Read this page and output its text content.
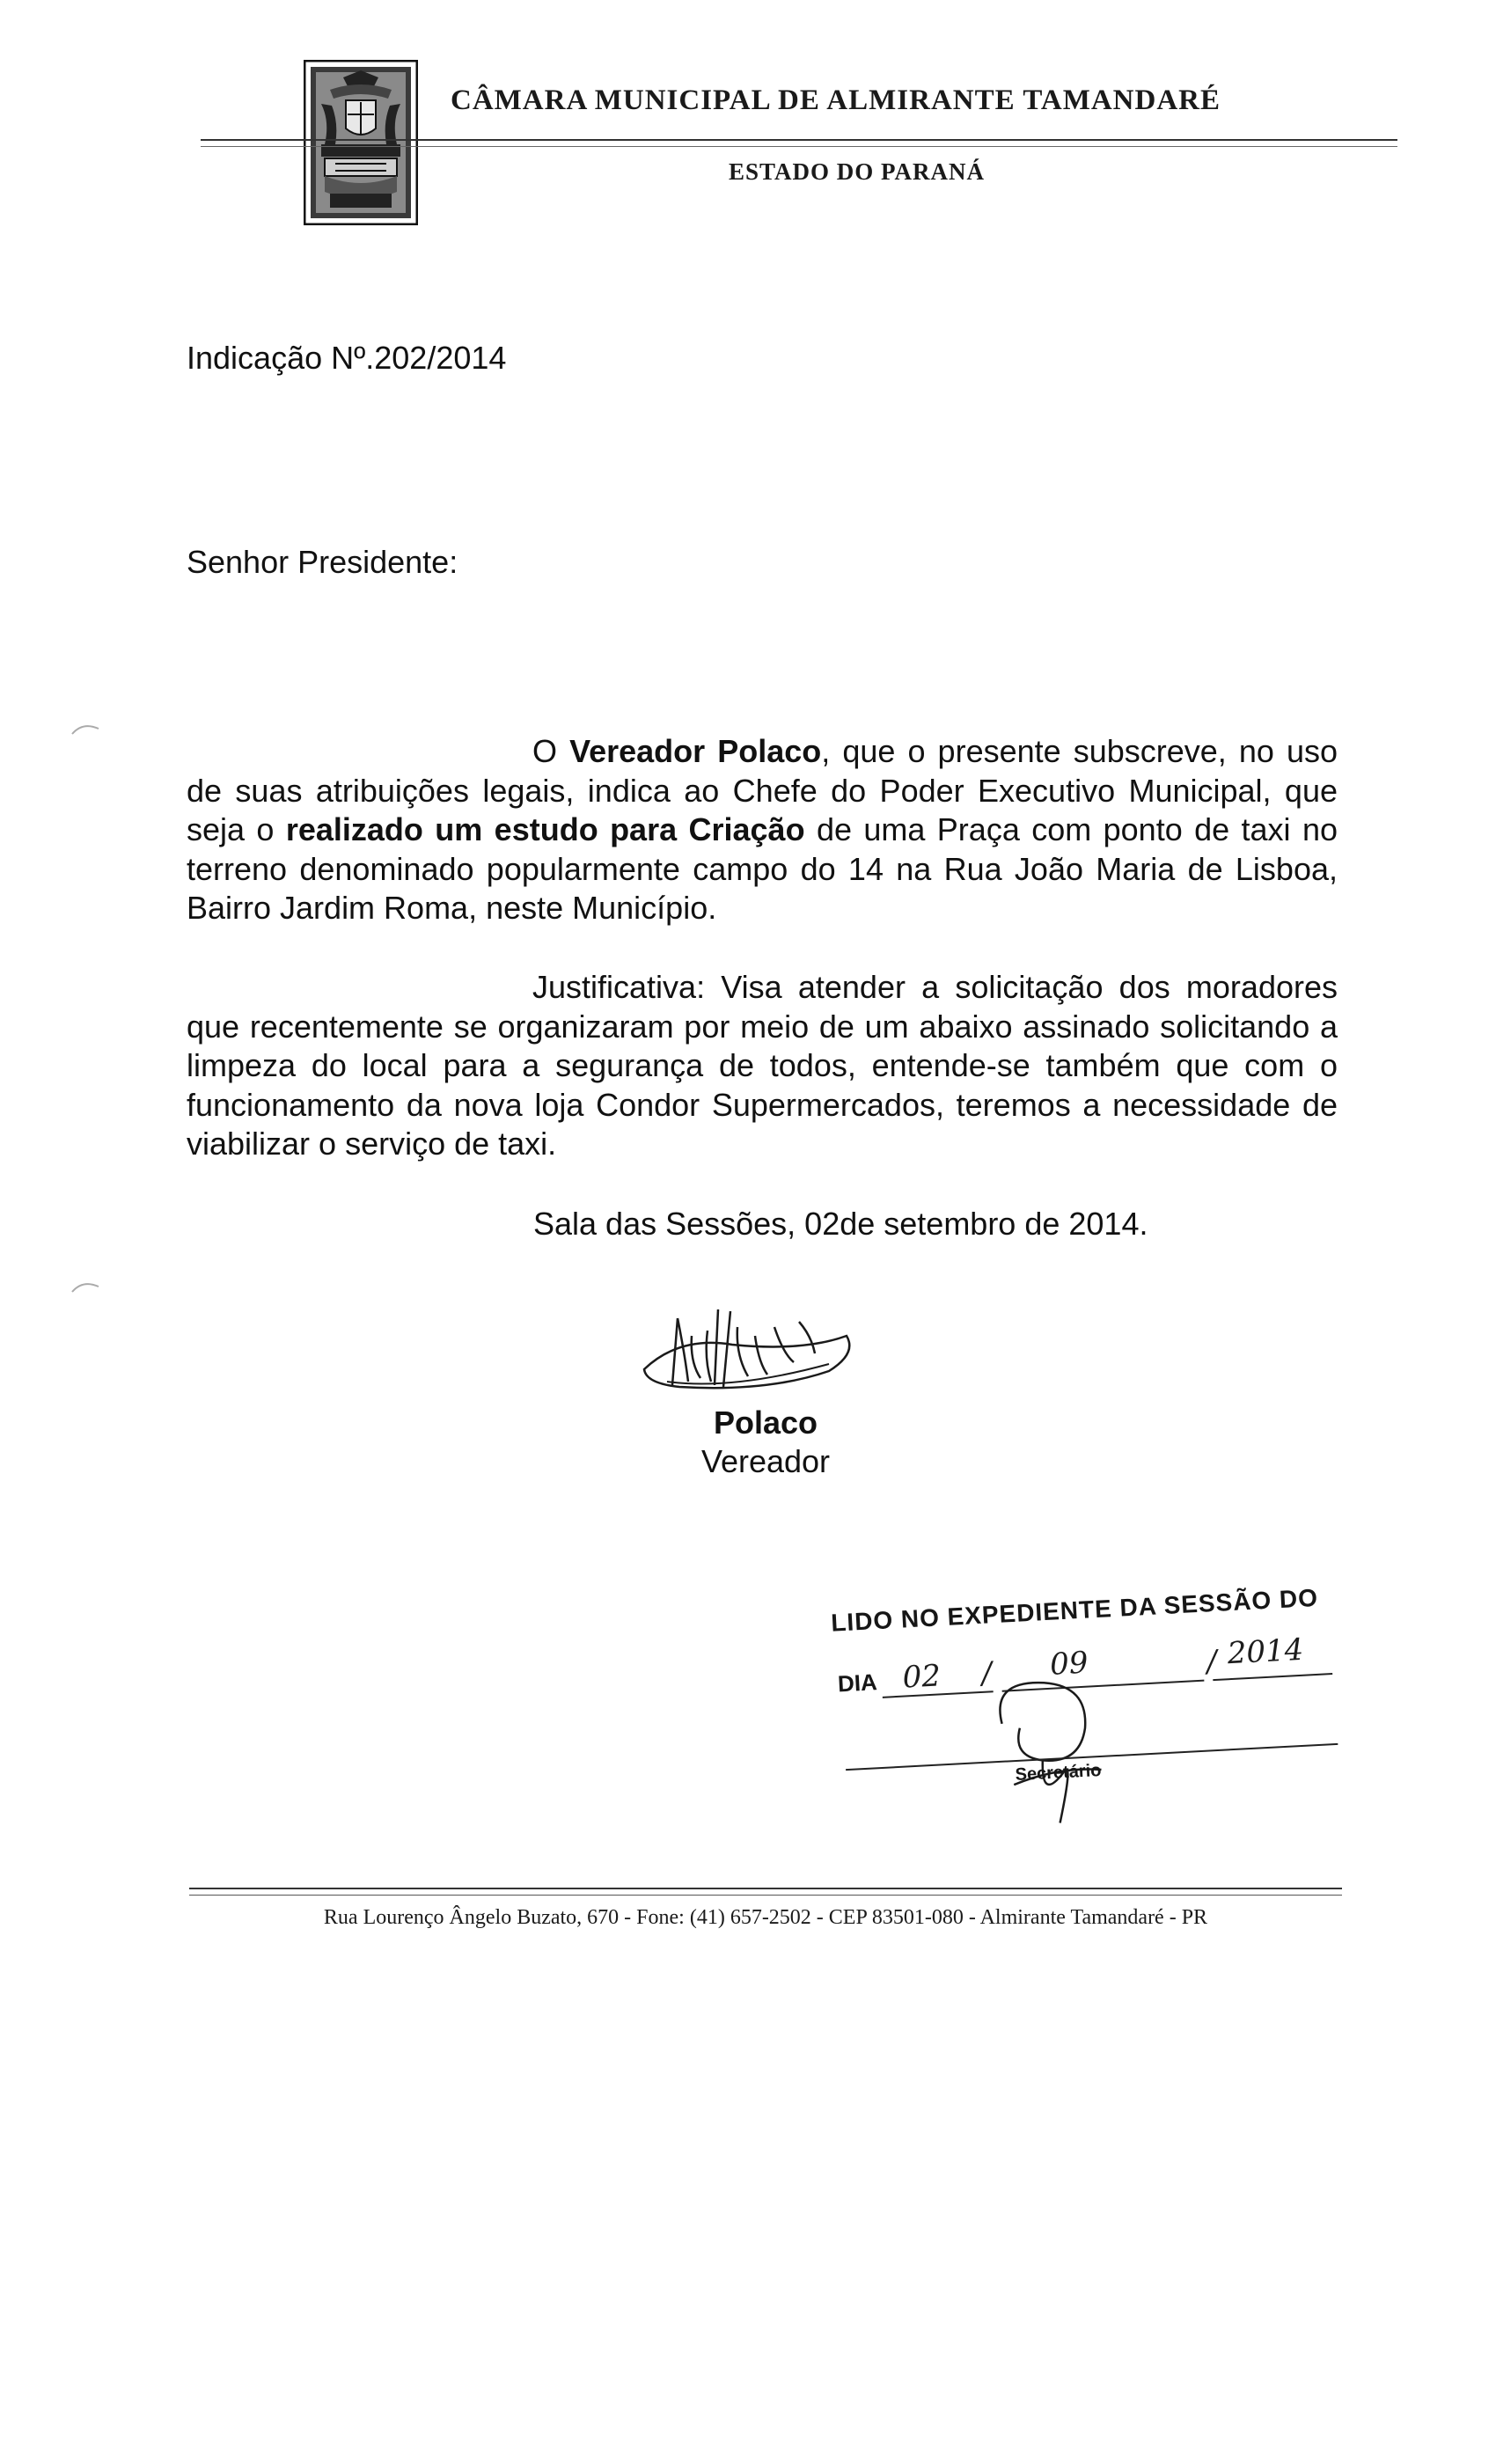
CÂMARA MUNICIPAL DE ALMIRANTE TAMANDARÉ
ESTADO DO PARANÁ
Indicação Nº.202/2014
Senhor Presidente:
O Vereador Polaco, que o presente subscreve, no uso de suas atribuições legais, indica ao Chefe do Poder Executivo Municipal, que seja o realizado um estudo para Criação de uma Praça com ponto de taxi no terreno denominado popularmente campo do 14 na Rua João Maria de Lisboa, Bairro Jardim Roma, neste Município.
Justificativa: Visa atender a solicitação dos moradores que recentemente se organizaram por meio de um abaixo assinado solicitando a limpeza do local para a segurança de todos, entende-se também que com o funcionamento da nova loja Condor Supermercados, teremos a necessidade de viabilizar o serviço de taxi.
Sala das Sessões, 02de setembro de 2014.
Polaco
Vereador
LIDO NO EXPEDIENTE DA SESSÃO DO
DIA 02 / 09	/ 2014
Secretário
Rua Lourenço Ângelo Buzato, 670 - Fone: (41) 657-2502 - CEP 83501-080 - Almirante Tamandaré - PR
